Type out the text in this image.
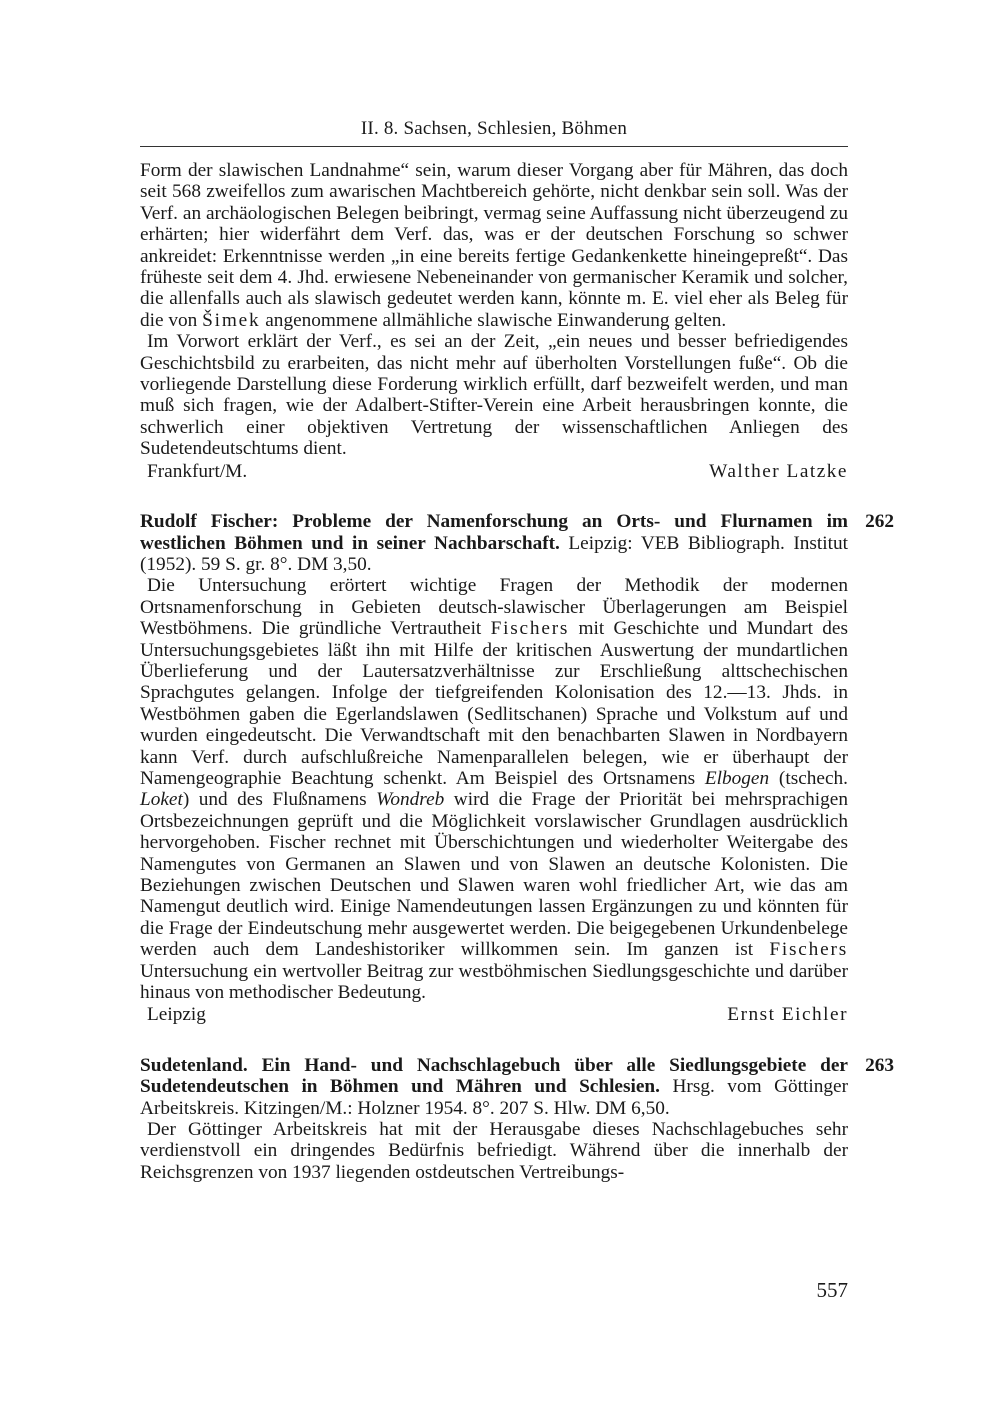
II. 8. Sachsen, Schlesien, Böhmen

Form der slawischen Landnahme“ sein, warum dieser Vorgang aber für Mähren, das doch seit 568 zweifellos zum awarischen Machtbereich gehörte, nicht denkbar sein soll. Was der Verf. an archäologischen Belegen beibringt, vermag seine Auffassung nicht überzeugend zu erhärten; hier widerfährt dem Verf. das, was er der deutschen Forschung so schwer ankreidet: Erkenntnisse werden „in eine bereits fertige Gedankenkette hineingepreßt“. Das früheste seit dem 4. Jhd. erwiesene Nebeneinander von germanischer Keramik und solcher, die allenfalls auch als slawisch gedeutet werden kann, könnte m. E. viel eher als Beleg für die von Šimek angenommene allmähliche slawische Einwanderung gelten.

Im Vorwort erklärt der Verf., es sei an der Zeit, „ein neues und besser befriedigendes Geschichtsbild zu erarbeiten, das nicht mehr auf überholten Vorstellungen fuße“. Ob die vorliegende Darstellung diese Forderung wirklich erfüllt, darf bezweifelt werden, und man muß sich fragen, wie der Adalbert-Stifter-Verein eine Arbeit herausbringen konnte, die schwerlich einer objektiven Vertretung der wissenschaftlichen Anliegen des Sudetendeutschtums dient.

Frankfurt/M.	Walther Latzke
262

Rudolf Fischer: Probleme der Namenforschung an Orts- und Flurnamen im westlichen Böhmen und in seiner Nachbarschaft. Leipzig: VEB Bibliograph. Institut (1952). 59 S. gr. 8°. DM 3,50.

Die Untersuchung erörtert wichtige Fragen der Methodik der modernen Ortsnamenforschung in Gebieten deutsch-slawischer Überlagerungen am Beispiel Westböhmens. Die gründliche Vertrautheit Fischers mit Geschichte und Mundart des Untersuchungsgebietes läßt ihn mit Hilfe der kritischen Auswertung der mundartlichen Überlieferung und der Lautersatzverhältnisse zur Erschließung alttschechischen Sprachgutes gelangen. Infolge der tiefgreifenden Kolonisation des 12.—13. Jhds. in Westböhmen gaben die Egerlandslawen (Sedlitschanen) Sprache und Volkstum auf und wurden eingedeutscht. Die Verwandtschaft mit den benachbarten Slawen in Nordbayern kann Verf. durch aufschlußreiche Namenparallelen belegen, wie er überhaupt der Namengeographie Beachtung schenkt. Am Beispiel des Ortsnamens Elbogen (tschech. Loket) und des Flußnamens Wondreb wird die Frage der Priorität bei mehrsprachigen Ortsbezeichnungen geprüft und die Möglichkeit vorslawischer Grundlagen ausdrücklich hervorgehoben. Fischer rechnet mit Überschichtungen und wiederholter Weitergabe des Namengutes von Germanen an Slawen und von Slawen an deutsche Kolonisten. Die Beziehungen zwischen Deutschen und Slawen waren wohl friedlicher Art, wie das am Namengut deutlich wird. Einige Namendeutungen lassen Ergänzungen zu und könnten für die Frage der Eindeutschung mehr ausgewertet werden. Die beigegebenen Urkundenbelege werden auch dem Landeshistoriker willkommen sein. Im ganzen ist Fischers Untersuchung ein wertvoller Beitrag zur westböhmischen Siedlungsgeschichte und darüber hinaus von methodischer Bedeutung.

Leipzig	Ernst Eichler
263

Sudetenland. Ein Hand- und Nachschlagebuch über alle Siedlungsgebiete der Sudetendeutschen in Böhmen und Mähren und Schlesien. Hrsg. vom Göttinger Arbeitskreis. Kitzingen/M.: Holzner 1954. 8°. 207 S. Hlw. DM 6,50.

Der Göttinger Arbeitskreis hat mit der Herausgabe dieses Nachschlagebuches sehr verdienstvoll ein dringendes Bedürfnis befriedigt. Während über die innerhalb der Reichsgrenzen von 1937 liegenden ostdeutschen Vertreibungs-

557
